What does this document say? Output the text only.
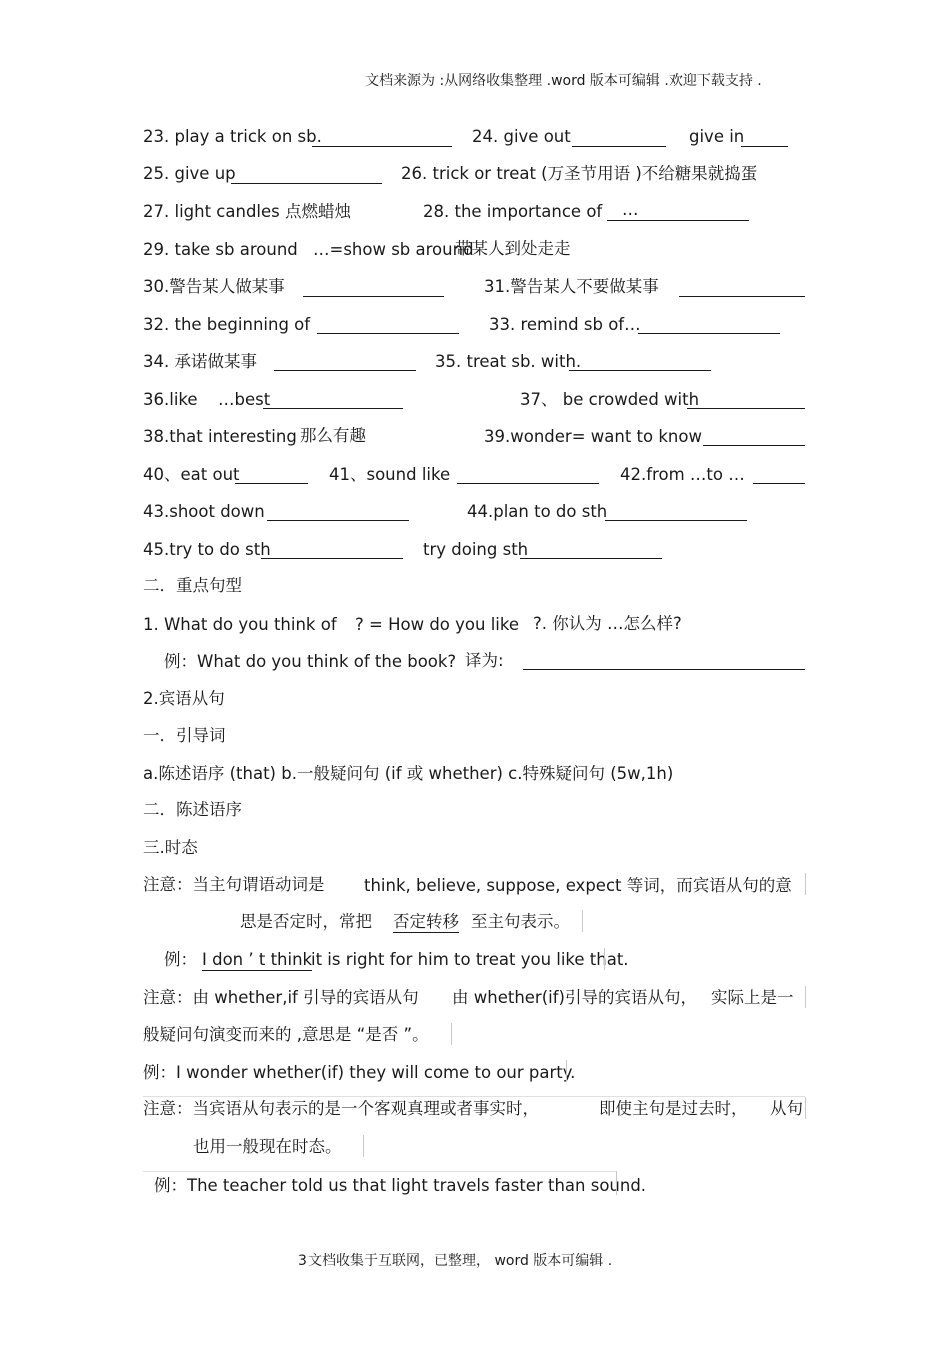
文档来源为 :从网络收集整理 .word 版本可编辑 .欢迎下载支持 .
23. play a trick on sb.	24. give out	give in
25. give up	26. trick or treat (万圣节用语 )不给糖果就捣蛋
27. light candles 点燃蜡烛	28. the importance of …
29. take sb around …=show sb around
带某人到处走走
30.警告某人做某事	31.警告某人不要做某事
32. the beginning of	33. remind sb of…
34. 承诺做某事	35. treat sb. with.
36.like …best	37、 be crowded with
38.that interesting 那么有趣	39.wonder= want to know
40、eat out	41、sound like	42.from …to …
43.shoot down	44.plan to do sth
45.try to do sth	try doing sth
二．重点句型
1. What do you think of ? = How do you like ?. 你认为 …怎么样?
例：What do you think of the book? 译为:
2.宾语从句
一．引导词
a.陈述语序 (that) b.一般疑问句 (if 或 whether) c.特殊疑问句 (5w,1h)
二．陈述语序
三.时态
注意：当主句谓语动词是 think, believe, suppose, expect 等词，而宾语从句的意
思是否定时，常把 否定转移 至主句表示。
例： I don ’ t think
it is right for him to treat you like that.
注意：由 whether,if 引导的宾语从句 由 whether(if)引导的宾语从句， 实际上是一
般疑问句演变而来的 ,意思是 “是否 ”。
例：I wonder whether(if) they will come to our party.
注意：当宾语从句表示的是一个客观真理或者事实时，	即使主句是过去时， 从句
也用一般现在时态。
例：The teacher told us that light travels faster than sound.
3 文档收集于互联网，已整理， word 版本可编辑 .
